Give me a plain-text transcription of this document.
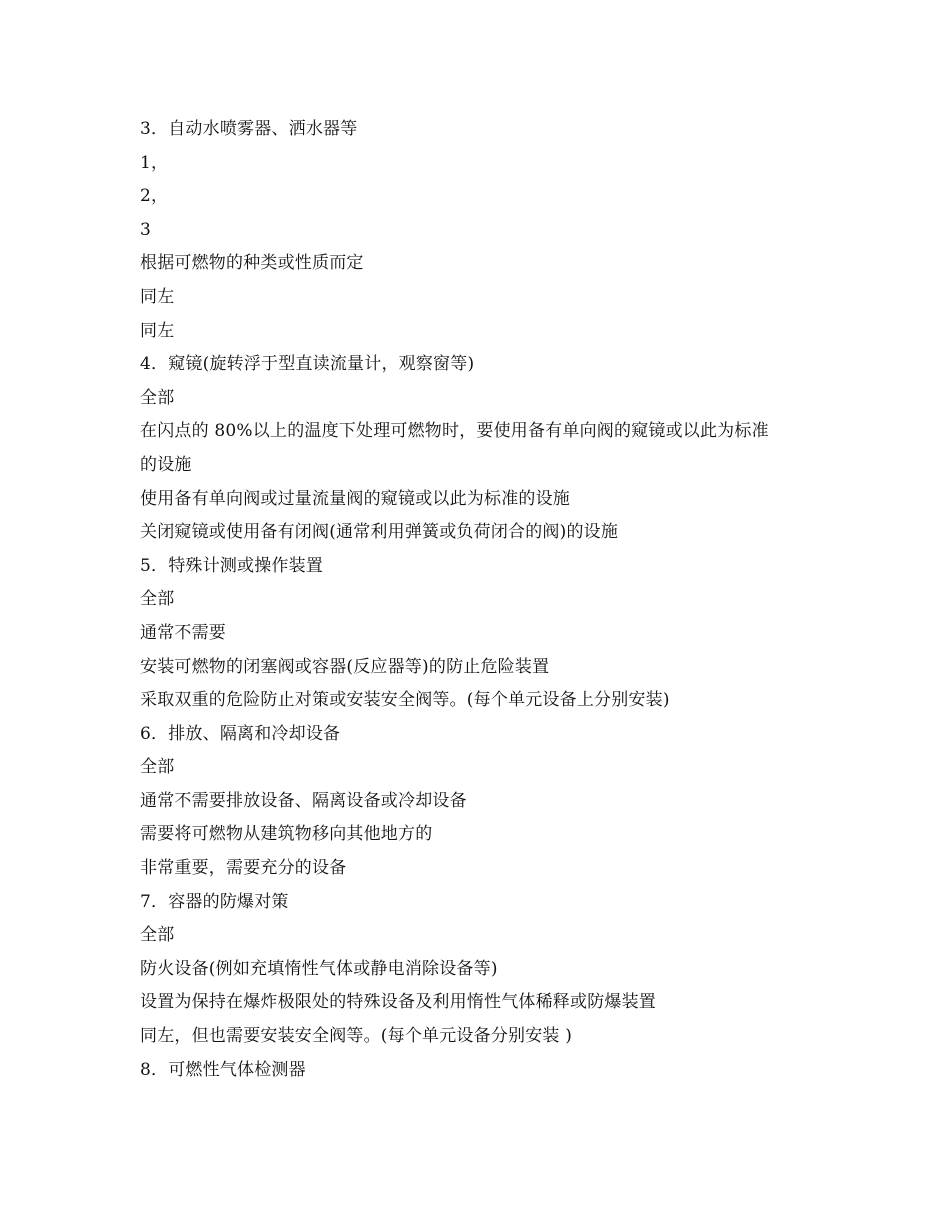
3．自动水喷雾器、洒水器等
1，
2，
3
根据可燃物的种类或性质而定
同左
同左
4．窥镜(旋转浮于型直读流量计，观察窗等)
全部
在闪点的 80%以上的温度下处理可燃物时，要使用备有单向阀的窥镜或以此为标准
的设施
使用备有单向阀或过量流量阀的窥镜或以此为标准的设施
关闭窥镜或使用备有闭阀(通常利用弹簧或负荷闭合的阀)的设施
5．特殊计测或操作装置
全部
通常不需要
安装可燃物的闭塞阀或容器(反应器等)的防止危险装置
采取双重的危险防止对策或安装安全阀等。(每个单元设备上分别安装)
6．排放、隔离和冷却设备
全部
通常不需要排放设备、隔离设备或冷却设备
需要将可燃物从建筑物移向其他地方的
非常重要，需要充分的设备
7．容器的防爆对策
全部
防火设备(例如充填惰性气体或静电消除设备等)
设置为保持在爆炸极限处的特殊设备及利用惰性气体稀释或防爆装置
同左，但也需要安装安全阀等。(每个单元设备分别安装 )
8．可燃性气体检测器
